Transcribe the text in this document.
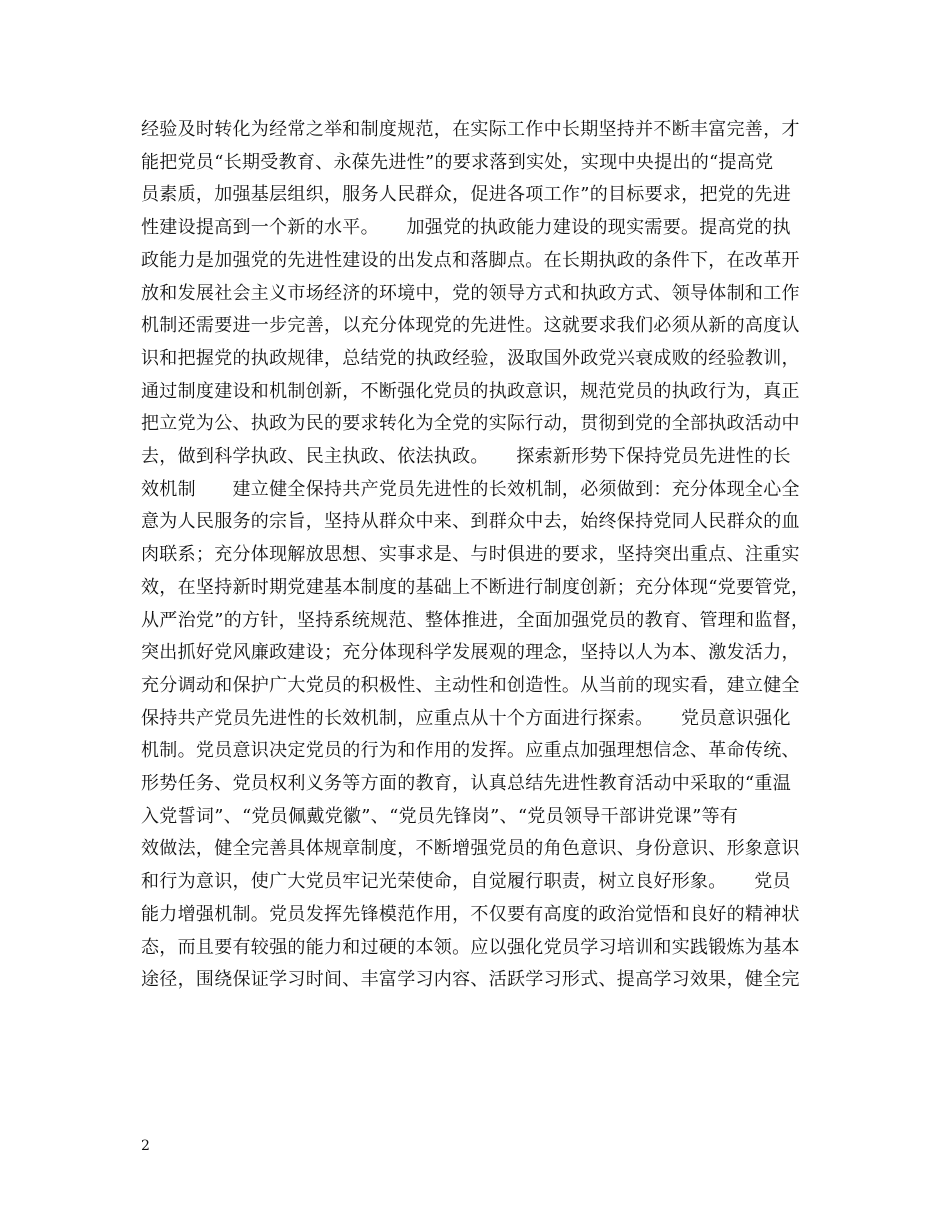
经验及时转化为经常之举和制度规范，在实际工作中长期坚持并不断丰富完善，才
能把党员“长期受教育、永葆先进性”的要求落到实处，实现中央提出的“提高党
员素质，加强基层组织，服务人民群众，促进各项工作”的目标要求，把党的先进
性建设提高到一个新的水平。　　加强党的执政能力建设的现实需要。提高党的执
政能力是加强党的先进性建设的出发点和落脚点。在长期执政的条件下，在改革开
放和发展社会主义市场经济的环境中，党的领导方式和执政方式、领导体制和工作
机制还需要进一步完善，以充分体现党的先进性。这就要求我们必须从新的高度认
识和把握党的执政规律，总结党的执政经验，汲取国外政党兴衰成败的经验教训，
通过制度建设和机制创新，不断强化党员的执政意识，规范党员的执政行为，真正
把立党为公、执政为民的要求转化为全党的实际行动，贯彻到党的全部执政活动中
去，做到科学执政、民主执政、依法执政。　　探索新形势下保持党员先进性的长
效机制　　建立健全保持共产党员先进性的长效机制，必须做到：充分体现全心全
意为人民服务的宗旨，坚持从群众中来、到群众中去，始终保持党同人民群众的血
肉联系；充分体现解放思想、实事求是、与时俱进的要求，坚持突出重点、注重实
效，在坚持新时期党建基本制度的基础上不断进行制度创新；充分体现“党要管党，
从严治党”的方针，坚持系统规范、整体推进，全面加强党员的教育、管理和监督，
突出抓好党风廉政建设；充分体现科学发展观的理念，坚持以人为本、激发活力，
充分调动和保护广大党员的积极性、主动性和创造性。从当前的现实看，建立健全
保持共产党员先进性的长效机制，应重点从十个方面进行探索。　　党员意识强化
机制。党员意识决定党员的行为和作用的发挥。应重点加强理想信念、革命传统、
形势任务、党员权利义务等方面的教育，认真总结先进性教育活动中采取的“重温
入党誓词”、“党员佩戴党徽”、“党员先锋岗”、“党员领导干部讲党课”等有
效做法，健全完善具体规章制度，不断增强党员的角色意识、身份意识、形象意识
和行为意识，使广大党员牢记光荣使命，自觉履行职责，树立良好形象。　　党员
能力增强机制。党员发挥先锋模范作用，不仅要有高度的政治觉悟和良好的精神状
态，而且要有较强的能力和过硬的本领。应以强化党员学习培训和实践锻炼为基本
途径，围绕保证学习时间、丰富学习内容、活跃学习形式、提高学习效果，健全完
2
